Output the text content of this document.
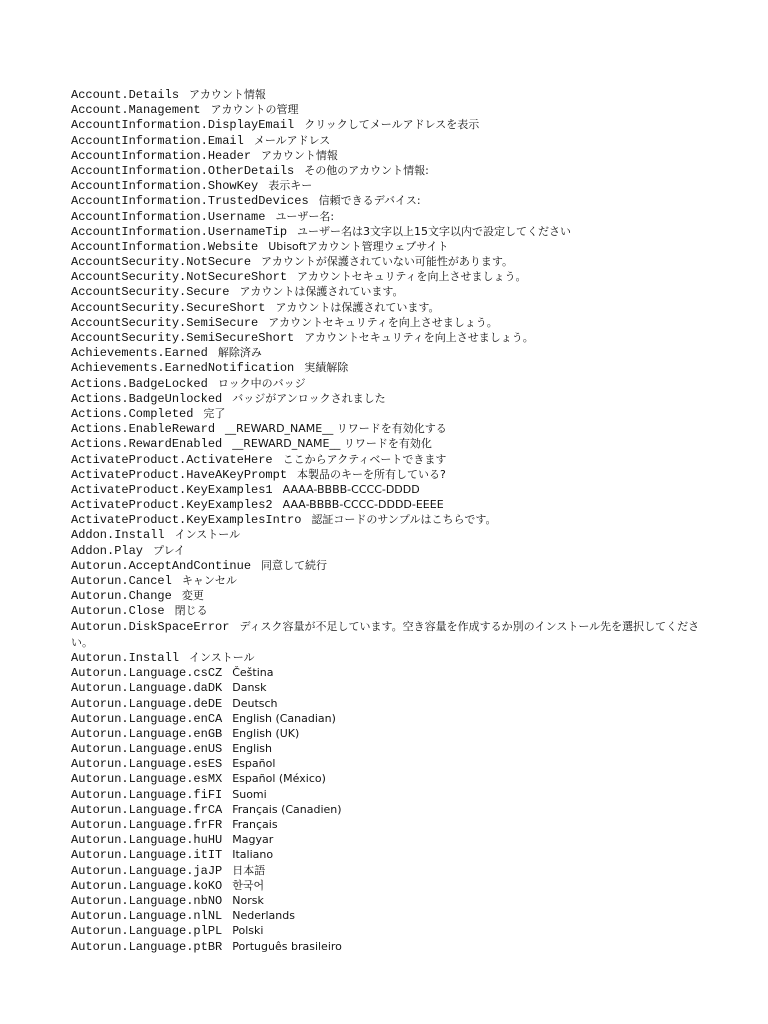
Account.Details アカウント情報
Account.Management アカウントの管理
AccountInformation.DisplayEmail クリックしてメールアドレスを表示
AccountInformation.Email メールアドレス
AccountInformation.Header アカウント情報
AccountInformation.OtherDetails その他のアカウント情報:
AccountInformation.ShowKey 表示キー
AccountInformation.TrustedDevices 信頼できるデバイス:
AccountInformation.Username ユーザー名:
AccountInformation.UsernameTip ユーザー名は3文字以上15文字以内で設定してください
AccountInformation.Website Ubisoftアカウント管理ウェブサイト
AccountSecurity.NotSecure アカウントが保護されていない可能性があります。
AccountSecurity.NotSecureShort アカウントセキュリティを向上させましょう。
AccountSecurity.Secure アカウントは保護されています。
AccountSecurity.SecureShort アカウントは保護されています。
AccountSecurity.SemiSecure アカウントセキュリティを向上させましょう。
AccountSecurity.SemiSecureShort アカウントセキュリティを向上させましょう。
Achievements.Earned 解除済み
Achievements.EarnedNotification 実績解除
Actions.BadgeLocked ロック中のバッジ
Actions.BadgeUnlocked バッジがアンロックされました
Actions.Completed 完了
Actions.EnableReward __REWARD_NAME__ リワードを有効化する
Actions.RewardEnabled __REWARD_NAME__ リワードを有効化
ActivateProduct.ActivateHere ここからアクティベートできます
ActivateProduct.HaveAKeyPrompt 本製品のキーを所有している?
ActivateProduct.KeyExamples1 AAAA-BBBB-CCCC-DDDD
ActivateProduct.KeyExamples2 AAA-BBBB-CCCC-DDDD-EEEE
ActivateProduct.KeyExamplesIntro 認証コードのサンプルはこちらです。
Addon.Install インストール
Addon.Play プレイ
Autorun.AcceptAndContinue 同意して続行
Autorun.Cancel キャンセル
Autorun.Change 変更
Autorun.Close 閉じる
Autorun.DiskSpaceError ディスク容量が不足しています。空き容量を作成するか別のインストール先を選択してください。
Autorun.Install インストール
Autorun.Language.csCZ Čeština
Autorun.Language.daDK Dansk
Autorun.Language.deDE Deutsch
Autorun.Language.enCA English (Canadian)
Autorun.Language.enGB English (UK)
Autorun.Language.enUS English
Autorun.Language.esES Español
Autorun.Language.esMX Español (México)
Autorun.Language.fiFI Suomi
Autorun.Language.frCA Français (Canadien)
Autorun.Language.frFR Français
Autorun.Language.huHU Magyar
Autorun.Language.itIT Italiano
Autorun.Language.jaJP 日本語
Autorun.Language.koKO 한국어
Autorun.Language.nbNO Norsk
Autorun.Language.nlNL Nederlands
Autorun.Language.plPL Polski
Autorun.Language.ptBR Português brasileiro
